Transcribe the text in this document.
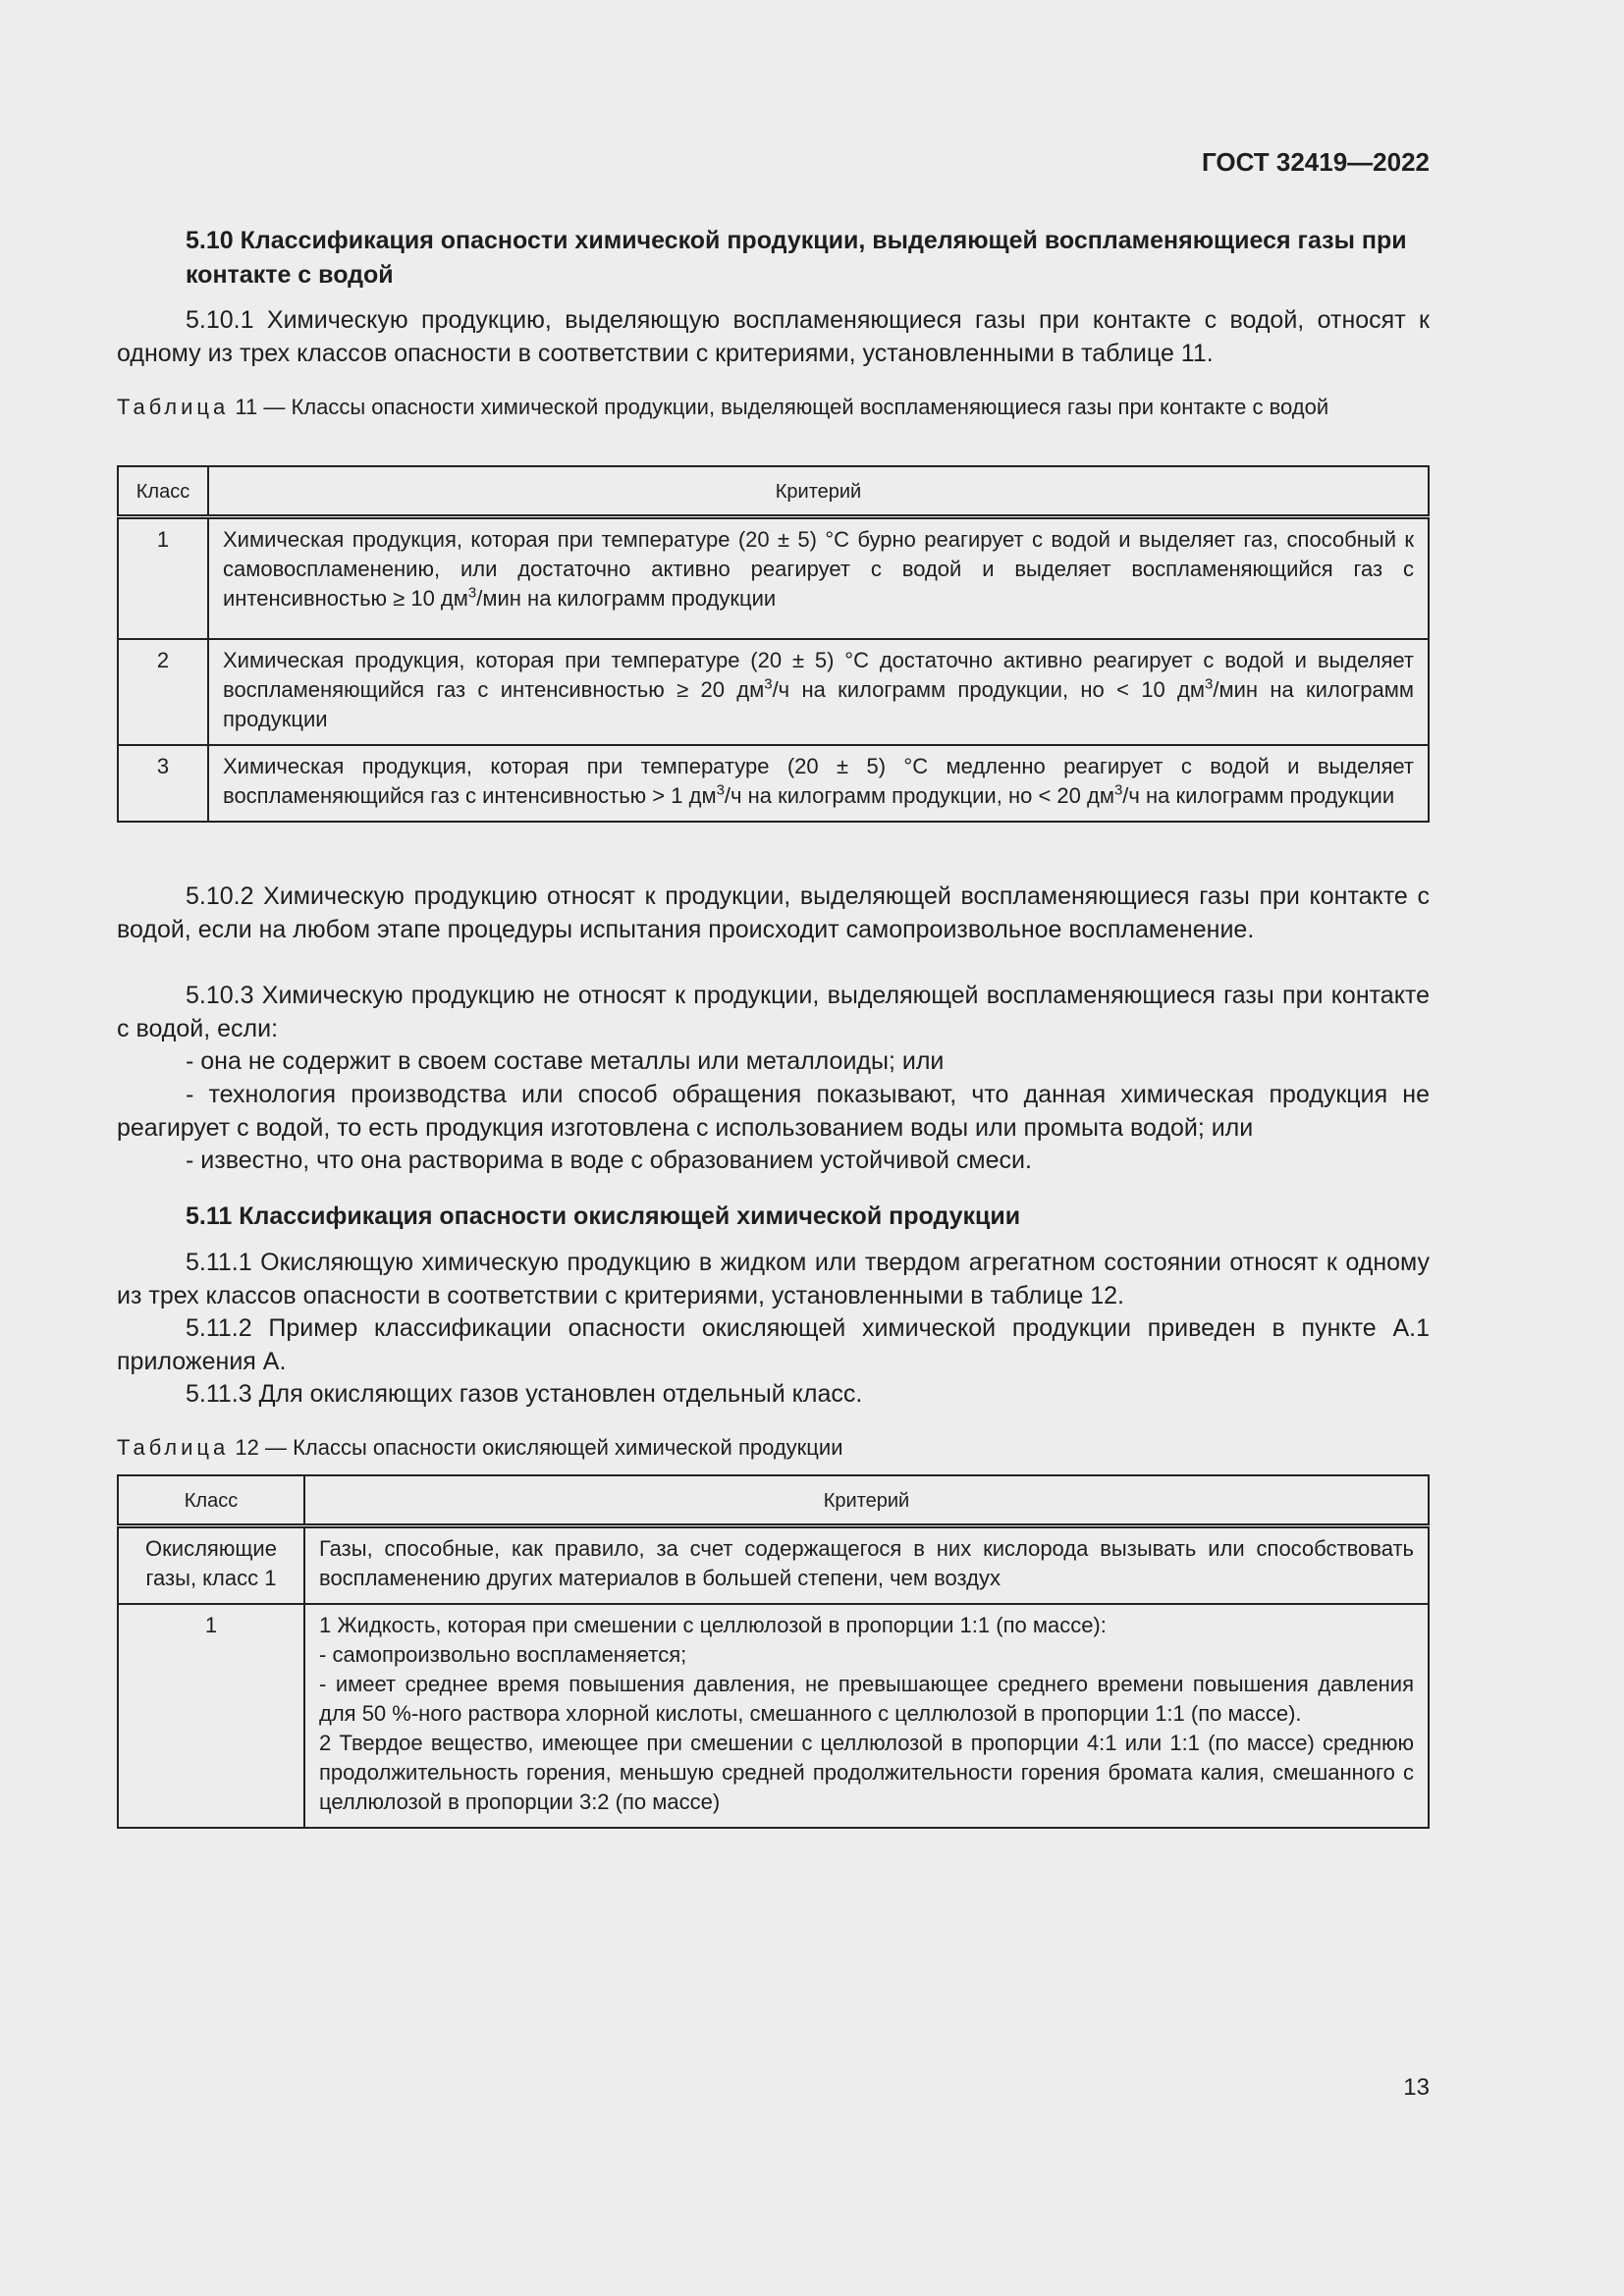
ГОСТ 32419—2022
5.10 Классификация опасности химической продукции, выделяющей воспламеняющиеся газы при контакте с водой

5.10.1 Химическую продукцию, выделяющую воспламеняющиеся газы при контакте с водой, относят к одному из трех классов опасности в соответствии с критериями, установленными в таблице 11.

Таблица 11 — Классы опасности химической продукции, выделяющей воспламеняющиеся газы при контакте с водой
Класс	Критерий
1	Химическая продукция, которая при температуре (20 ± 5) °С бурно реагирует с водой и выделяет газ, способный к самовоспламенению, или достаточно активно реагирует с водой и выделяет воспламеняющийся газ с интенсивностью ≥ 10 $дм^3$/мин на килограмм продукции
2	Химическая продукция, которая при температуре (20 ± 5) °С достаточно активно реагирует с водой и выделяет воспламеняющийся газ с интенсивностью ≥ 20 $дм^3/ч$ на килограмм продукции, но < 10 $дм^3$/мин на килограмм продукции
3	Химическая продукция, которая при температуре (20 ± 5) °С медленно реагирует с водой и выделяет воспламеняющийся газ с интенсивностью > 1 $дм^3/ч$ на килограмм продукции, но < 20 $дм^3/ч$ на килограмм продукции

5.10.2 Химическую продукцию относят к продукции, выделяющей воспламеняющиеся газы при контакте с водой, если на любом этапе процедуры испытания происходит самопроизвольное воспламенение.

5.10.3 Химическую продукцию не относят к продукции, выделяющей воспламеняющиеся газы при контакте с водой, если:

- она не содержит в своем составе металлы или металлоиды; или

- технология производства или способ обращения показывают, что данная химическая продукция не реагирует с водой, то есть продукция изготовлена с использованием воды или промыта водой; или

- известно, что она растворима в воде с образованием устойчивой смеси.

5.11 Классификация опасности окисляющей химической продукции

5.11.1 Окисляющую химическую продукцию в жидком или твердом агрегатном состоянии относят к одному из трех классов опасности в соответствии с критериями, установленными в таблице 12.

5.11.2 Пример классификации опасности окисляющей химической продукции приведен в пункте А.1 приложения А.

5.11.3 Для окисляющих газов установлен отдельный класс.

Таблица 12 — Классы опасности окисляющей химической продукции
Класс	Критерий
Окисляющие газы, класс 1	Газы, способные, как правило, за счет содержащегося в них кислорода вызывать или способствовать воспламенению других материалов в большей степени, чем воздух
1	1 Жидкость, которая при смешении с целлюлозой в пропорции 1:1 (по массе):
- самопроизвольно воспламеняется;
- имеет среднее время повышения давления, не превышающее среднего времени повышения давления для 50 %-ного раствора хлорной кислоты, смешанного с целлюлозой в пропорции 1:1 (по массе).
2 Твердое вещество, имеющее при смешении с целлюлозой в пропорции 4:1 или 1:1 (по массе) среднюю продолжительность горения, меньшую средней продолжительности горения бромата калия, смешанного с целлюлозой в пропорции 3:2 (по массе)
13
